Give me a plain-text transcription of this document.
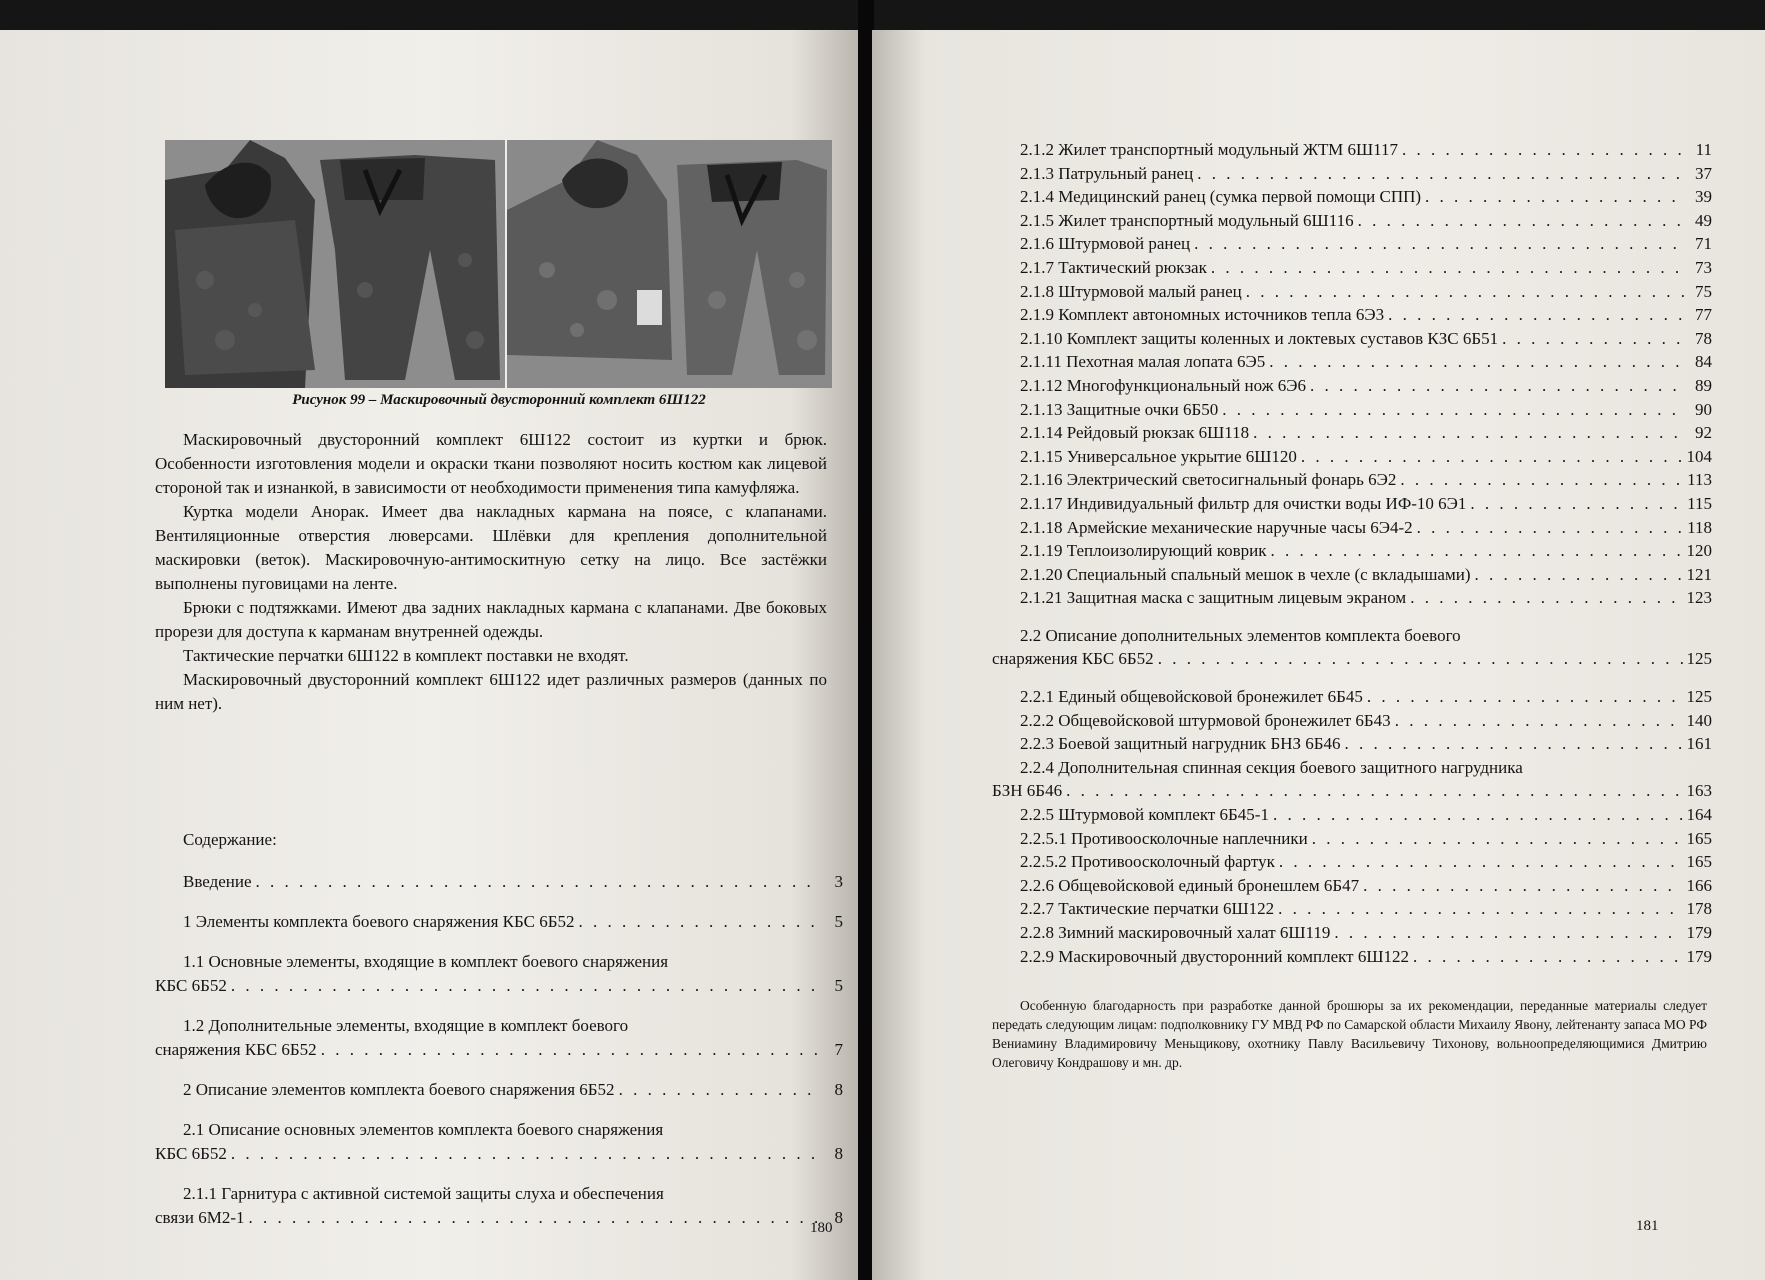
Рисунок 99 – Маскировочный двусторонний комплект 6Ш122

Маскировочный двусторонний комплект 6Ш122 состоит из куртки и брюк. Особенности изготовления модели и окраски ткани позволяют носить костюм как лицевой стороной так и изнанкой, в зависимости от необходимости применения типа камуфляжа.

Куртка модели Анорак. Имеет два накладных кармана на поясе, с клапанами. Вентиляционные отверстия люверсами. Шлёвки для крепления дополнительной маскировки (веток). Маскировочную-антимоскитную сетку на лицо. Все застёжки выполнены пуговицами на ленте.

Брюки с подтяжками. Имеют два задних накладных кармана с клапанами. Две боковых прорези для доступа к карманам внутренней одежды.

Тактические перчатки 6Ш122 в комплект поставки не входят.

Маскировочный двусторонний комплект 6Ш122 идет различных размеров (данных по ним нет).

Содержание:
Введение . . .	3
1 Элементы комплекта боевого снаряжения КБС 6Б52 . . .	5
1.1 Основные элементы, входящие в комплект боевого снаряжения
КБС 6Б52 . . .	5
1.2 Дополнительные элементы, входящие в комплект боевого
снаряжения КБС 6Б52 . . .	7
2 Описание элементов комплекта боевого снаряжения 6Б52 . . .	8
2.1 Описание основных элементов комплекта боевого снаряжения
КБС 6Б52 . . .	8
2.1.1 Гарнитура с активной системой защиты слуха и обеспечения
связи 6М2-1 . . .	8
180
2.1.2 Жилет транспортный модульный ЖТМ 6Ш117 . . .	11
2.1.3 Патрульный ранец . . .	37
2.1.4 Медицинский ранец (сумка первой помощи СПП) . . .	39
2.1.5 Жилет транспортный модульный 6Ш116 . . .	49
2.1.6 Штурмовой ранец . . .	71
2.1.7 Тактический рюкзак . . .	73
2.1.8 Штурмовой малый ранец . . .	75
2.1.9 Комплект автономных источников тепла 6Э3 . . .	77
2.1.10 Комплект защиты коленных и локтевых суставов КЗС 6Б51 . . .	78
2.1.11 Пехотная малая лопата 6Э5 . . .	84
2.1.12 Многофункциональный нож 6Э6 . . .	89
2.1.13 Защитные очки 6Б50 . . .	90
2.1.14 Рейдовый рюкзак 6Ш118 . . .	92
2.1.15 Универсальное укрытие 6Ш120 . . .	104
2.1.16 Электрический светосигнальный фонарь 6Э2 . . .	113
2.1.17 Индивидуальный фильтр для очистки воды ИФ-10 6Э1 . . .	115
2.1.18 Армейские механические наручные часы 6Э4-2 . . .	118
2.1.19 Теплоизолирующий коврик . . .	120
2.1.20 Специальный спальный мешок в чехле (с вкладышами) . . .	121
2.1.21 Защитная маска с защитным лицевым экраном . . .	123
2.2 Описание дополнительных элементов комплекта боевого
снаряжения КБС 6Б52 . . .	125
2.2.1 Единый общевойсковой бронежилет 6Б45 . . .	125
2.2.2 Общевойсковой штурмовой бронежилет 6Б43 . . .	140
2.2.3 Боевой защитный нагрудник БНЗ 6Б46 . . .	161
2.2.4 Дополнительная спинная секция боевого защитного нагрудника
БЗН 6Б46 . . .	163
2.2.5 Штурмовой комплект 6Б45-1 . . .	164
2.2.5.1 Противоосколочные наплечники . . .	165
2.2.5.2 Противоосколочный фартук . . .	165
2.2.6 Общевойсковой единый бронешлем 6Б47 . . .	166
2.2.7 Тактические перчатки 6Ш122 . . .	178
2.2.8 Зимний маскировочный халат 6Ш119 . . .	179
2.2.9 Маскировочный двусторонний комплект 6Ш122 . . .	179
Особенную благодарность при разработке данной брошюры за их рекомендации, переданные материалы следует передать следующим лицам: подполковнику ГУ МВД РФ по Самарской области Михаилу Явону, лейтенанту запаса МО РФ Вениамину Владимировичу Меньщикову, охотнику Павлу Васильевичу Тихонову, вольноопределяющимися Дмитрию Олеговичу Кондрашову и мн. др.
181
